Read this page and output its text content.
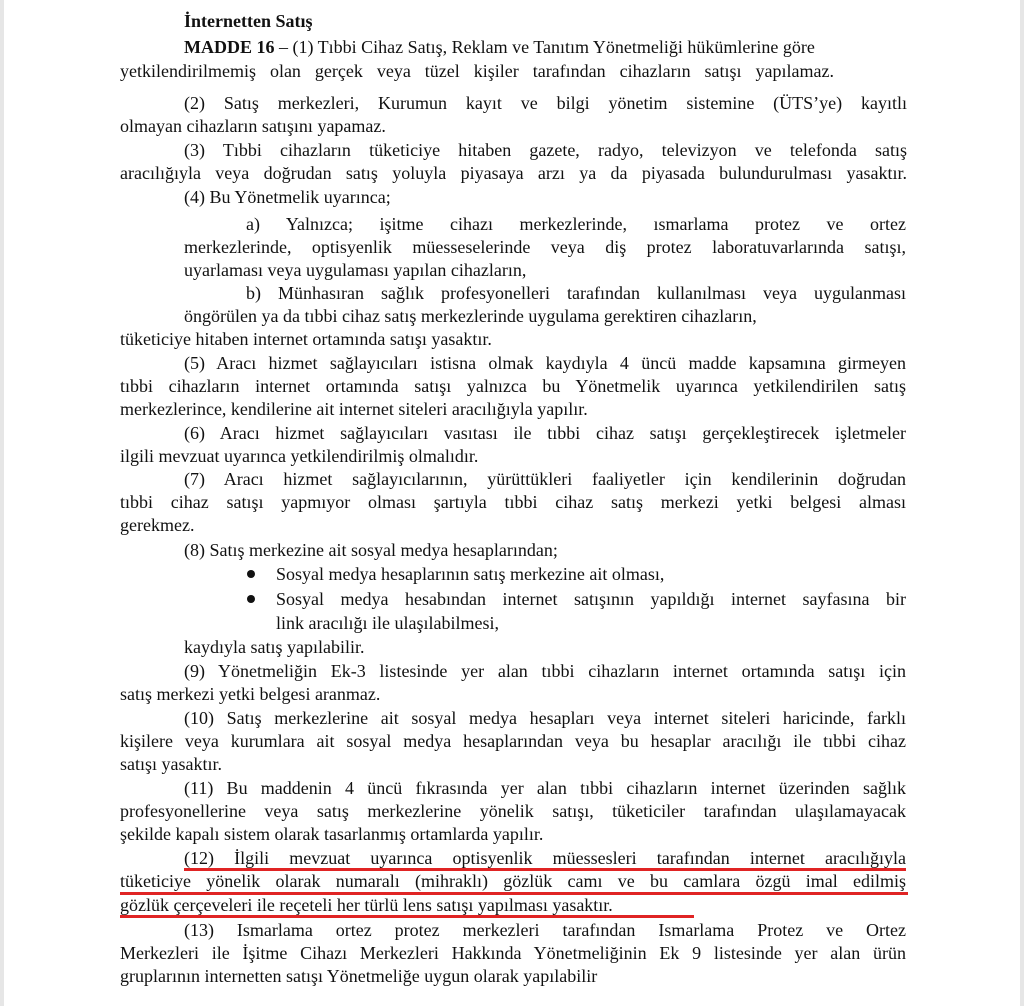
İnternetten Satış
MADDE 16 – (1) Tıbbi Cihaz Satış, Reklam ve Tanıtım Yönetmeliği hükümlerine göre
yetkilendirilmemiş olan gerçek veya tüzel kişiler tarafından cihazların satışı yapılamaz.
(2) Satış merkezleri, Kurumun kayıt ve bilgi yönetim sistemine (ÜTS’ye) kayıtlı
olmayan cihazların satışını yapamaz.
(3) Tıbbi cihazların tüketiciye hitaben gazete, radyo, televizyon ve telefonda satış
aracılığıyla veya doğrudan satış yoluyla piyasaya arzı ya da piyasada bulundurulması yasaktır.
(4) Bu Yönetmelik uyarınca;
a) Yalnızca; işitme cihazı merkezlerinde, ısmarlama protez ve ortez
merkezlerinde, optisyenlik müesseselerinde veya diş protez laboratuvarlarında satışı,
uyarlaması veya uygulaması yapılan cihazların,
b) Münhasıran sağlık profesyonelleri tarafından kullanılması veya uygulanması
öngörülen ya da tıbbi cihaz satış merkezlerinde uygulama gerektiren cihazların,
tüketiciye hitaben internet ortamında satışı yasaktır.
(5) Aracı hizmet sağlayıcıları istisna olmak kaydıyla 4 üncü madde kapsamına girmeyen
tıbbi cihazların internet ortamında satışı yalnızca bu Yönetmelik uyarınca yetkilendirilen satış
merkezlerince, kendilerine ait internet siteleri aracılığıyla yapılır.
(6) Aracı hizmet sağlayıcıları vasıtası ile tıbbi cihaz satışı gerçekleştirecek işletmeler
ilgili mevzuat uyarınca yetkilendirilmiş olmalıdır.
(7) Aracı hizmet sağlayıcılarının, yürüttükleri faaliyetler için kendilerinin doğrudan
tıbbi cihaz satışı yapmıyor olması şartıyla tıbbi cihaz satış merkezi yetki belgesi alması
gerekmez.
(8) Satış merkezine ait sosyal medya hesaplarından;
Sosyal medya hesaplarının satış merkezine ait olması,
Sosyal medya hesabından internet satışının yapıldığı internet sayfasına bir
link aracılığı ile ulaşılabilmesi,
kaydıyla satış yapılabilir.
(9) Yönetmeliğin Ek-3 listesinde yer alan tıbbi cihazların internet ortamında satışı için
satış merkezi yetki belgesi aranmaz.
(10) Satış merkezlerine ait sosyal medya hesapları veya internet siteleri haricinde, farklı
kişilere veya kurumlara ait sosyal medya hesaplarından veya bu hesaplar aracılığı ile tıbbi cihaz
satışı yasaktır.
(11) Bu maddenin 4 üncü fıkrasında yer alan tıbbi cihazların internet üzerinden sağlık
profesyonellerine veya satış merkezlerine yönelik satışı, tüketiciler tarafından ulaşılamayacak
şekilde kapalı sistem olarak tasarlanmış ortamlarda yapılır.
(12) İlgili mevzuat uyarınca optisyenlik müessesleri tarafından internet aracılığıyla
tüketiciye yönelik olarak numaralı (mihraklı) gözlük camı ve bu camlara özgü imal edilmiş
gözlük çerçeveleri ile reçeteli her türlü lens satışı yapılması yasaktır.
(13) Ismarlama ortez protez merkezleri tarafından Ismarlama Protez ve Ortez
Merkezleri ile İşitme Cihazı Merkezleri Hakkında Yönetmeliğinin Ek 9 listesinde yer alan ürün
gruplarının internetten satışı Yönetmeliğe uygun olarak yapılabilir
